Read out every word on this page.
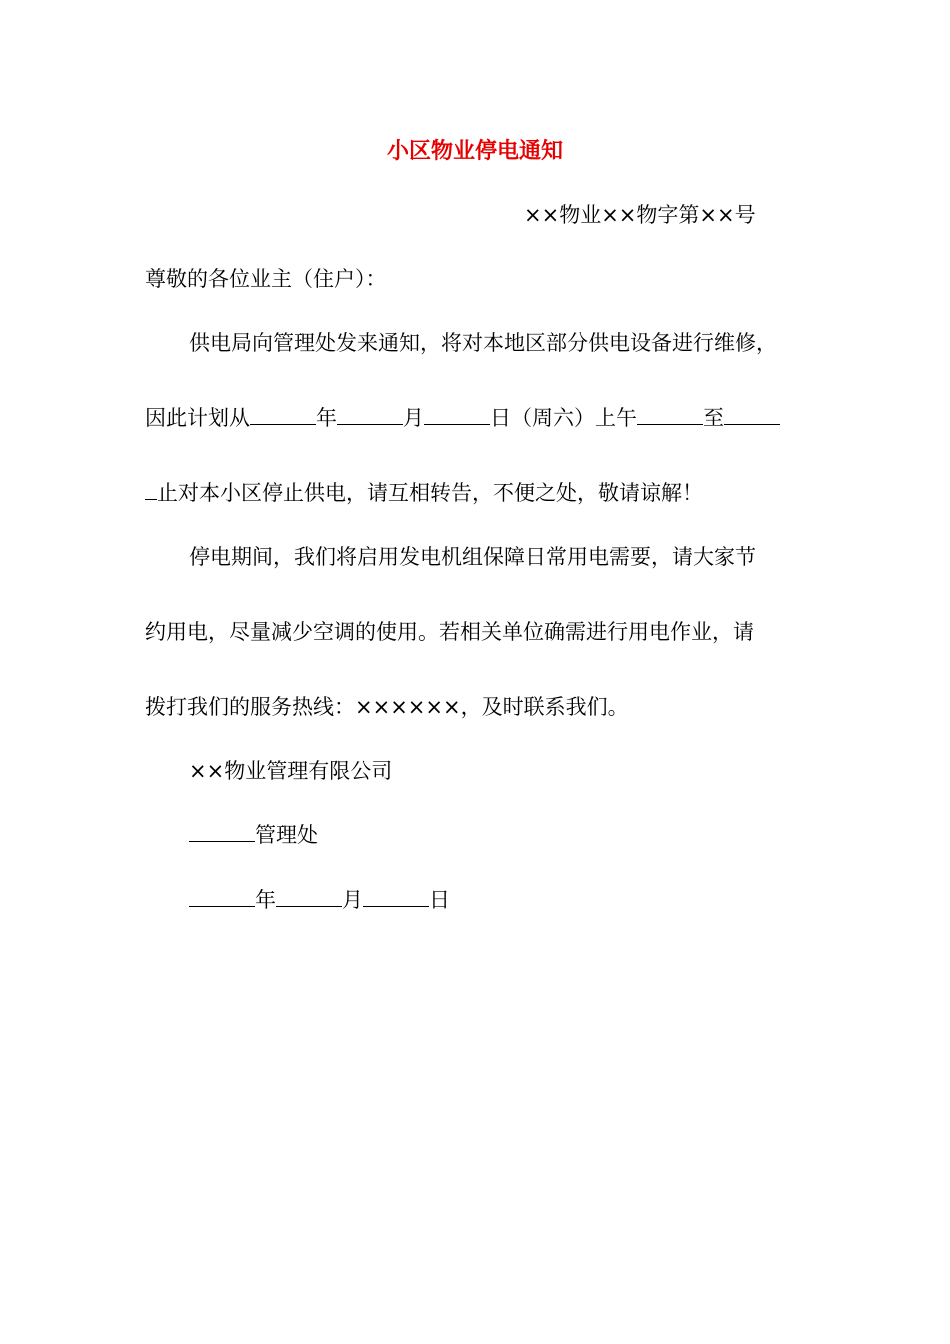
小区物业停电通知
××物业××物字第××号
尊敬的各位业主（住户）：
供电局向管理处发来通知，将对本地区部分供电设备进行维修，
因此计划从	年	月	日（周六）上午	至
止对本小区停止供电，请互相转告，不便之处，敬请谅解！
停电期间，我们将启用发电机组保障日常用电需要，请大家节
约用电，尽量减少空调的使用。若相关单位确需进行用电作业，请
拨打我们的服务热线：××××××，及时联系我们。
××物业管理有限公司
管理处
年	月	日
